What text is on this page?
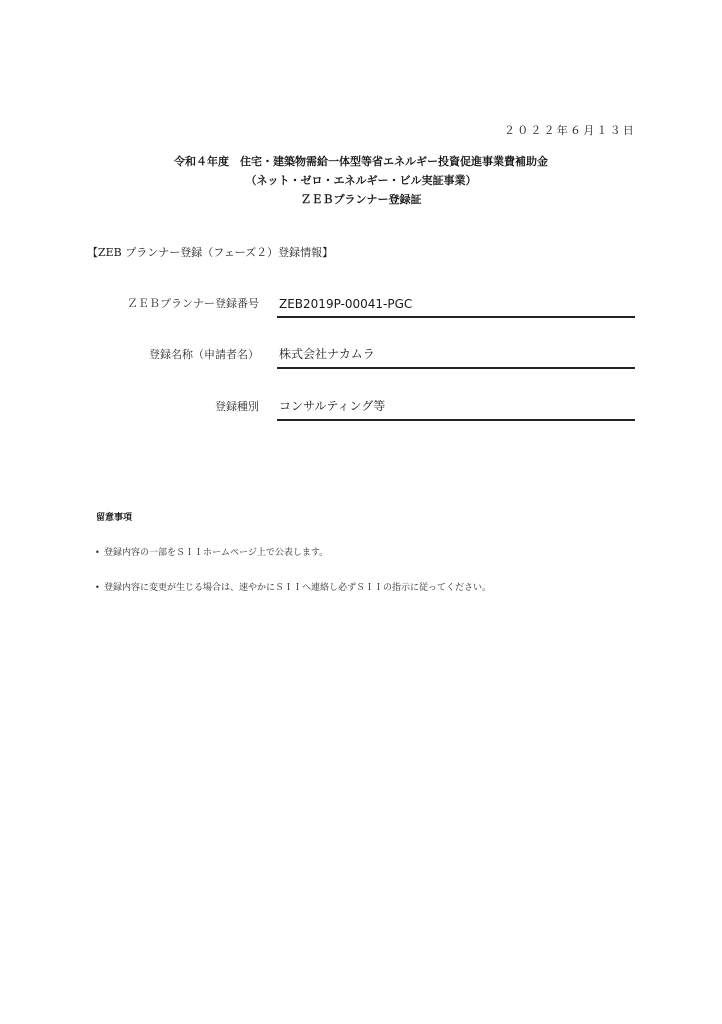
２０２２年６月１３日
令和４年度　住宅・建築物需給一体型等省エネルギー投資促進事業費補助金
（ネット・ゼロ・エネルギー・ビル実証事業）
ＺＥＢプランナー登録証
【ZEB プランナー登録（フェーズ２）登録情報】
ＺＥＢプランナー登録番号 ZEB2019P-00041-PGC
登録名称（申請者名） 株式会社ナカムラ
登録種別 コンサルティング等
留意事項
• 登録内容の一部をＳＩＩホームページ上で公表します。
• 登録内容に変更が生じる場合は、速やかにＳＩＩへ連絡し必ずＳＩＩの指示に従ってください。
